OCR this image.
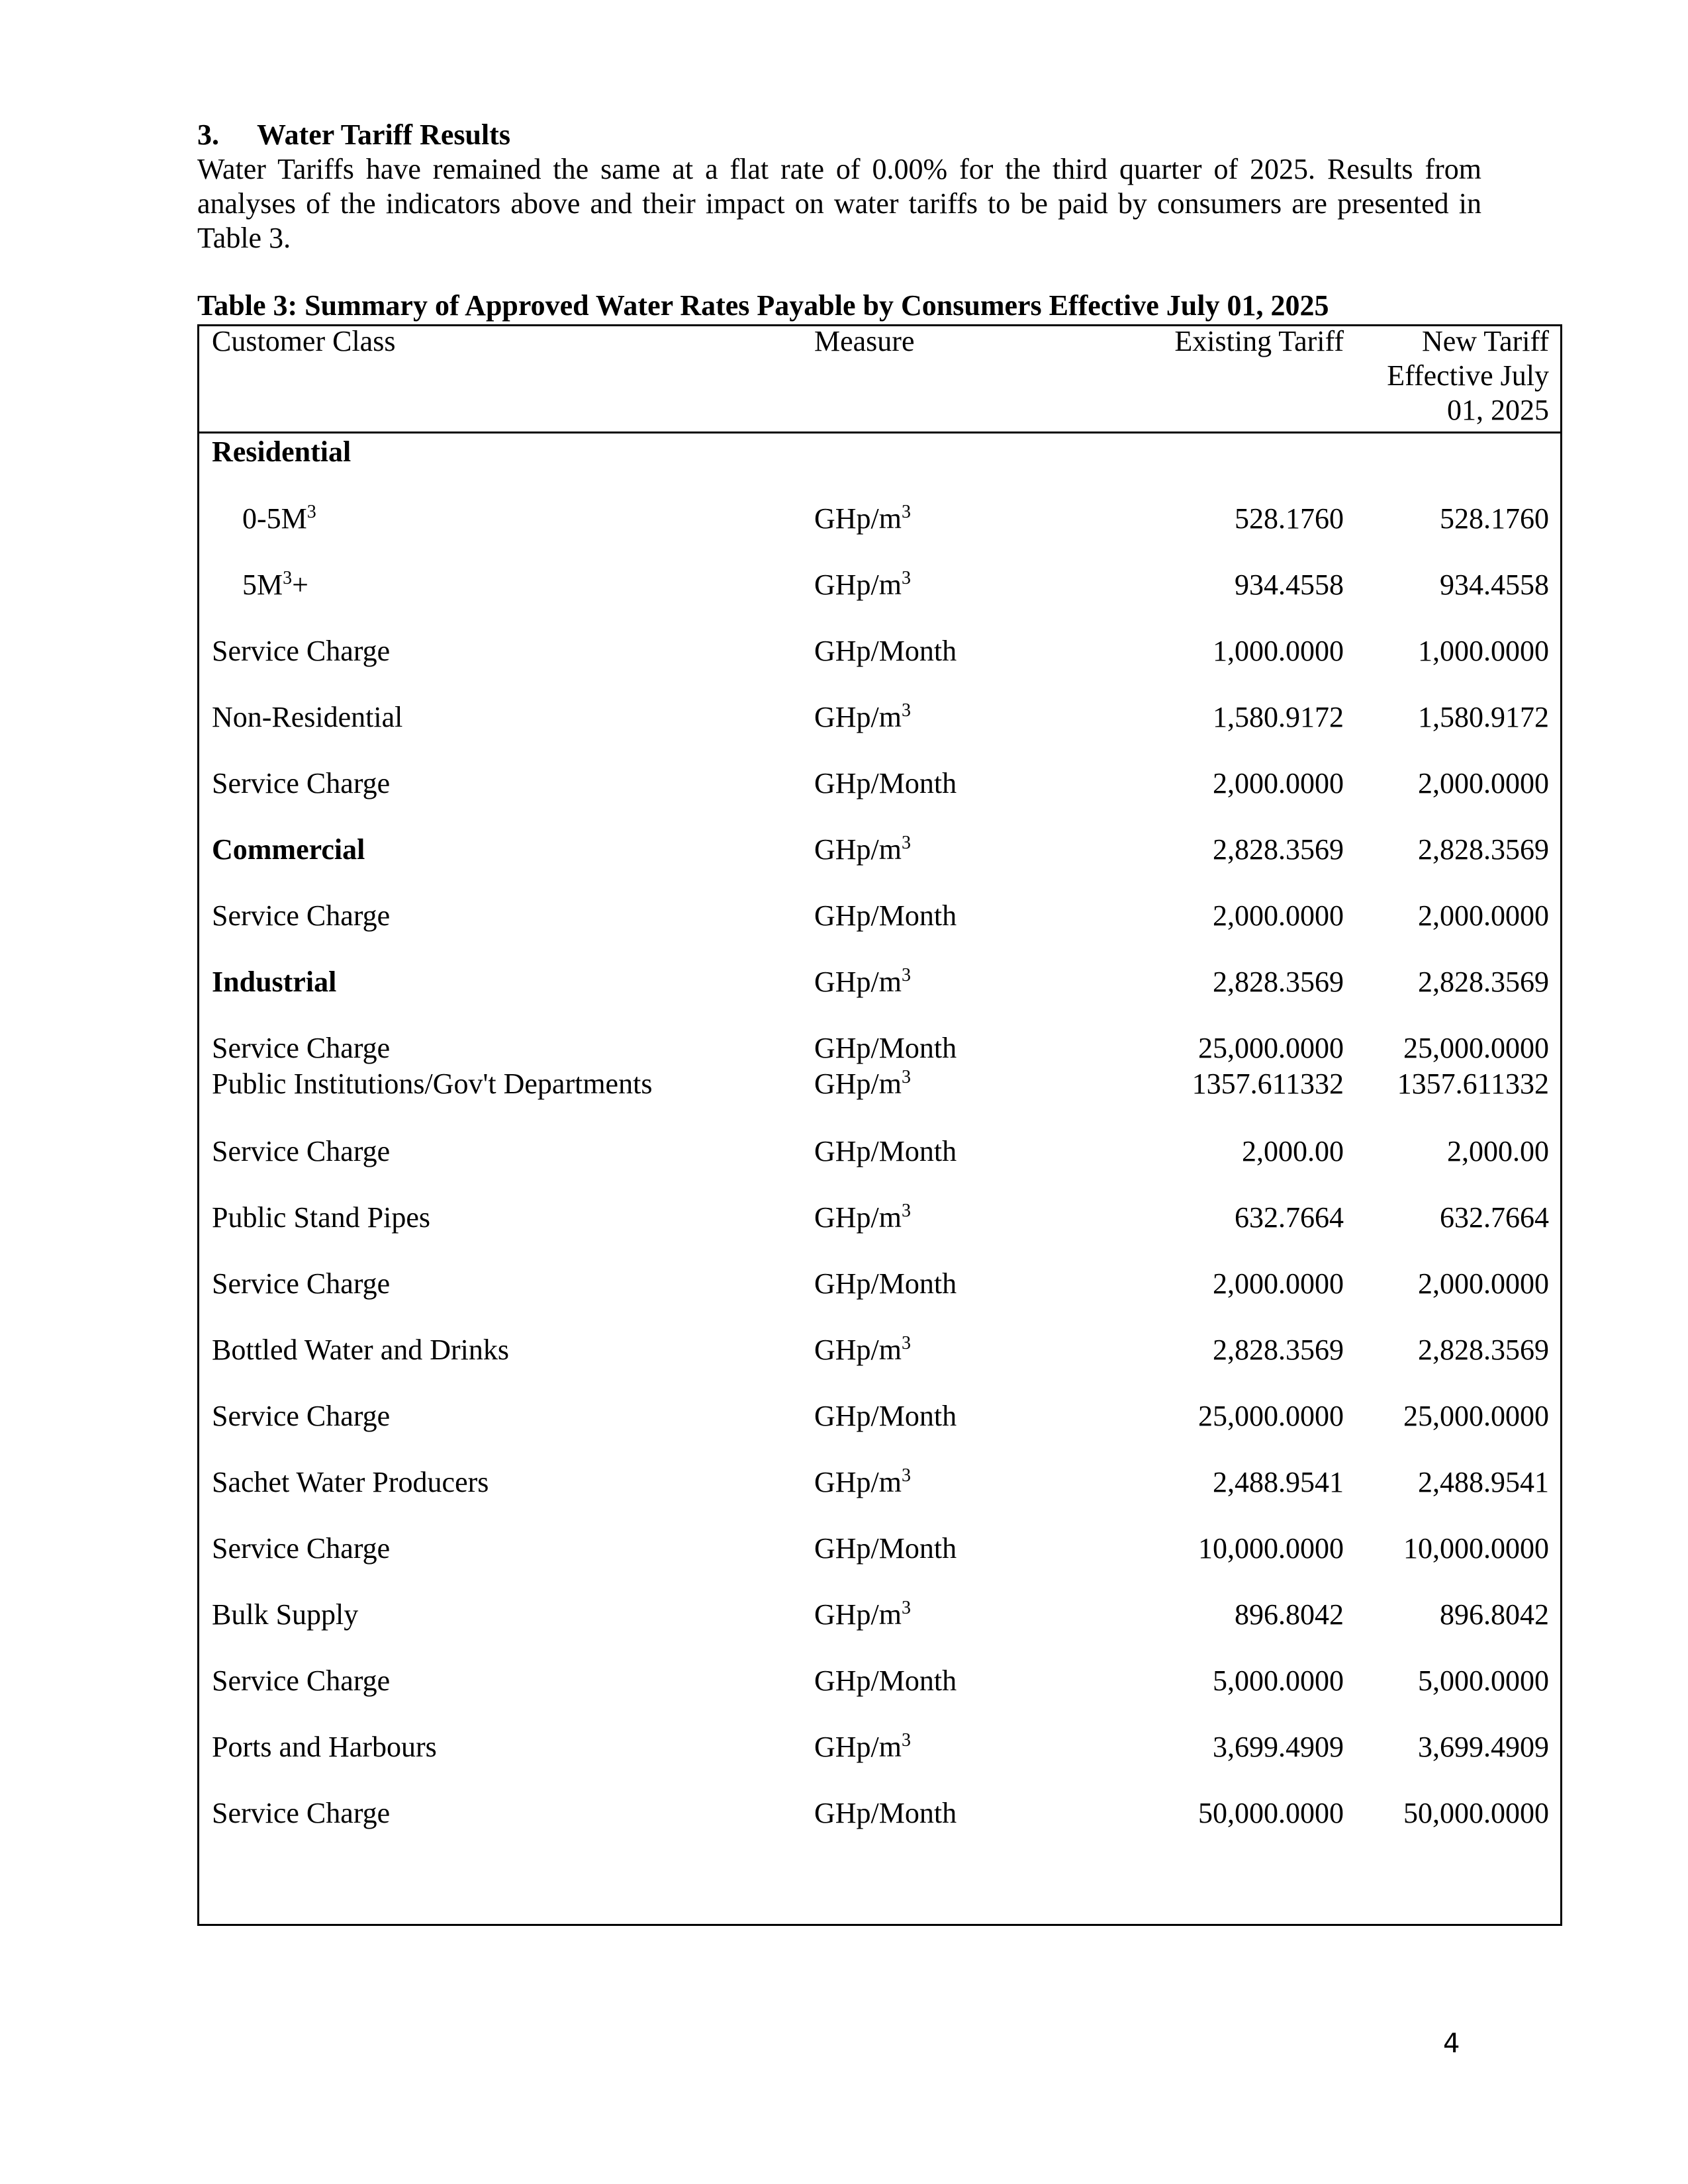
3. Water Tariff Results

Water Tariffs have remained the same at a flat rate of 0.00% for the third quarter of 2025. Results from analyses of the indicators above and their impact on water tariffs to be paid by consumers are presented in Table 3.

Table 3: Summary of Approved Water Rates Payable by Consumers Effective July 01, 2025
Customer Class	Measure	Existing Tariff	New Tariff Effective July 01, 2025
Residential
$0-5M^3$	GHp/$m^3$	528.1760	528.1760
$5M^3+$	GHp/$m^3$	934.4558	934.4558
Service Charge	GHp/Month	1,000.0000	1,000.0000
Non-Residential	GHp/$m^3$	1,580.9172	1,580.9172
Service Charge	GHp/Month	2,000.0000	2,000.0000
Commercial	GHp/$m^3$	2,828.3569	2,828.3569
Service Charge	GHp/Month	2,000.0000	2,000.0000
Industrial	GHp/$m^3$	2,828.3569	2,828.3569
Service Charge	GHp/Month	25,000.0000	25,000.0000
Public Institutions/Gov't Departments	GHp/$m^3$	1357.611332	1357.611332
Service Charge	GHp/Month	2,000.00	2,000.00
Public Stand Pipes	GHp/$m^3$	632.7664	632.7664
Service Charge	GHp/Month	2,000.0000	2,000.0000
Bottled Water and Drinks	GHp/$m^3$	2,828.3569	2,828.3569
Service Charge	GHp/Month	25,000.0000	25,000.0000
Sachet Water Producers	GHp/$m^3$	2,488.9541	2,488.9541
Service Charge	GHp/Month	10,000.0000	10,000.0000
Bulk Supply	GHp/$m^3$	896.8042	896.8042
Service Charge	GHp/Month	5,000.0000	5,000.0000
Ports and Harbours	GHp/$m^3$	3,699.4909	3,699.4909
Service Charge	GHp/Month	50,000.0000	50,000.0000
4
